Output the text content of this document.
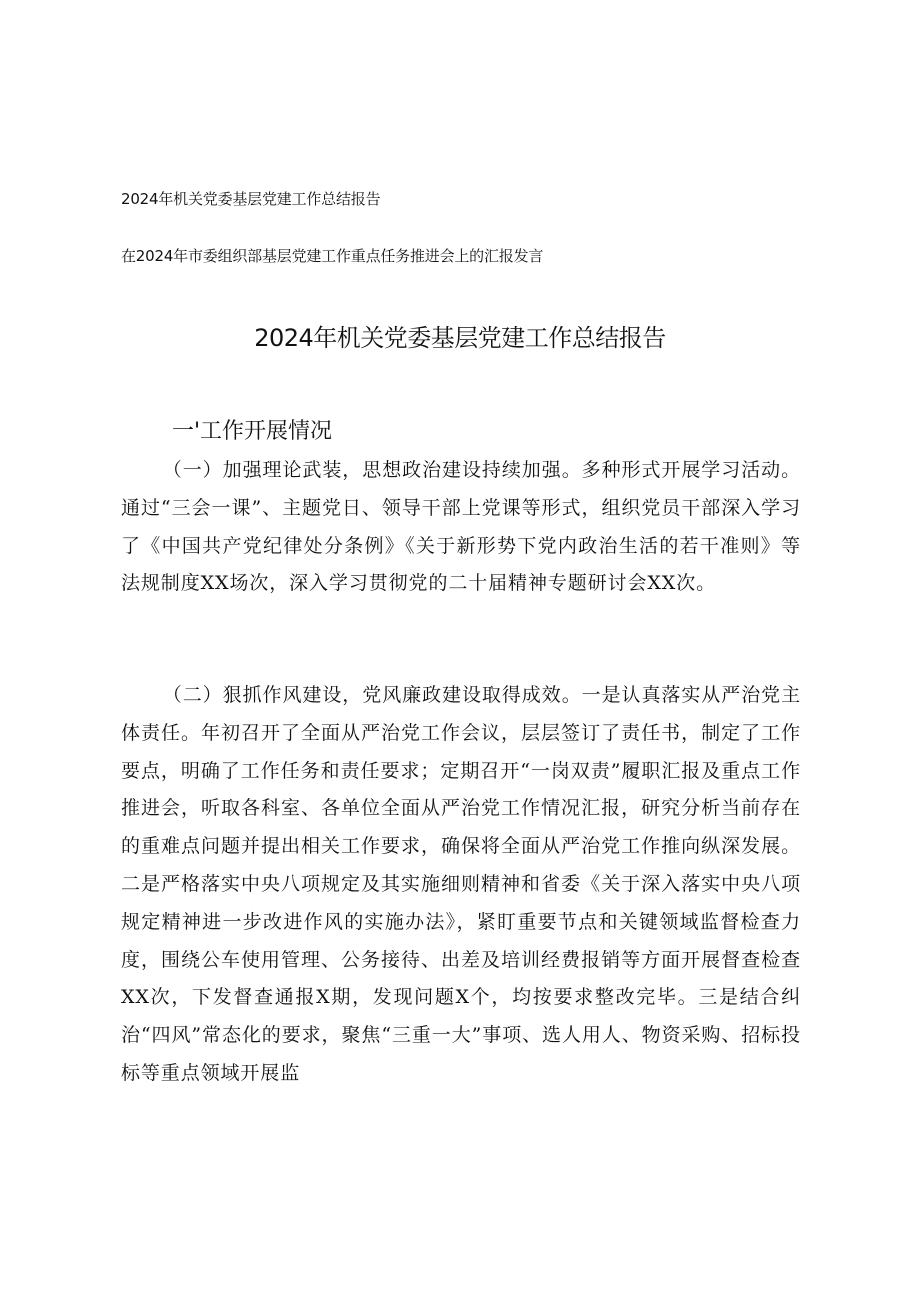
2024年机关党委基层党建工作总结报告
在2024年市委组织部基层党建工作重点任务推进会上的汇报发言
2024年机关党委基层党建工作总结报告
一'工作开展情况

（一）加强理论武装，思想政治建设持续加强。多种形式开展学习活动。通过“三会一课”、主题党日、领导干部上党课等形式，组织党员干部深入学习了《中国共产党纪律处分条例》《关于新形势下党内政治生活的若干准则》等法规制度XX场次，深入学习贯彻党的二十届精神专题研讨会XX次。

（二）狠抓作风建设，党风廉政建设取得成效。一是认真落实从严治党主体责任。年初召开了全面从严治党工作会议，层层签订了责任书，制定了工作要点，明确了工作任务和责任要求；定期召开“一岗双责”履职汇报及重点工作推进会，听取各科室、各单位全面从严治党工作情况汇报，研究分析当前存在的重难点问题并提出相关工作要求，确保将全面从严治党工作推向纵深发展。二是严格落实中央八项规定及其实施细则精神和省委《关于深入落实中央八项规定精神进一步改进作风的实施办法》，紧盯重要节点和关键领域监督检查力度，围绕公车使用管理、公务接待、出差及培训经费报销等方面开展督查检查XX次，下发督查通报X期，发现问题X个，均按要求整改完毕。三是结合纠治“四风”常态化的要求，聚焦“三重一大”事项、选人用人、物资采购、招标投标等重点领域开展监
